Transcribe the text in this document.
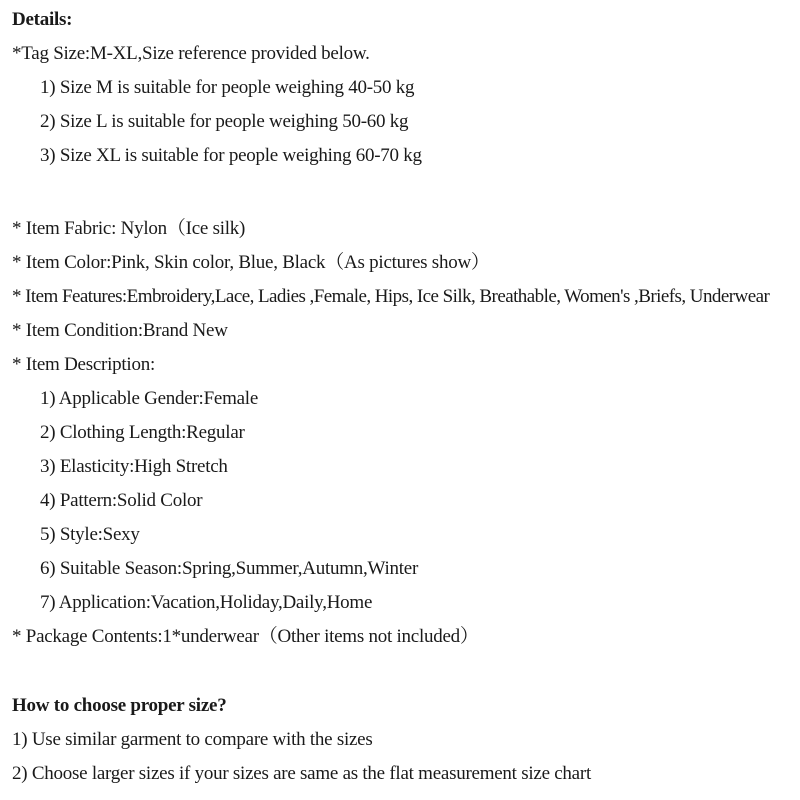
Details:
*Tag Size:M-XL,Size reference provided below.
1) Size M is suitable for people weighing 40-50 kg
2) Size L is suitable for people weighing 50-60 kg
3) Size XL is suitable for people weighing 60-70 kg
* Item Fabric: Nylon（Ice silk)
* Item Color:Pink, Skin color, Blue, Black（As pictures show）
* Item Features:Embroidery,Lace, Ladies ,Female, Hips, Ice Silk, Breathable, Women's ,Briefs, Underwear
* Item Condition:Brand New
* Item Description:
1) Applicable Gender:Female
2) Clothing Length:Regular
3) Elasticity:High Stretch
4) Pattern:Solid Color
5) Style:Sexy
6) Suitable Season:Spring,Summer,Autumn,Winter
7) Application:Vacation,Holiday,Daily,Home
* Package Contents:1*underwear（Other items not included）
How to choose proper size?
1) Use similar garment to compare with the sizes
2) Choose larger sizes if your sizes are same as the flat measurement size chart
